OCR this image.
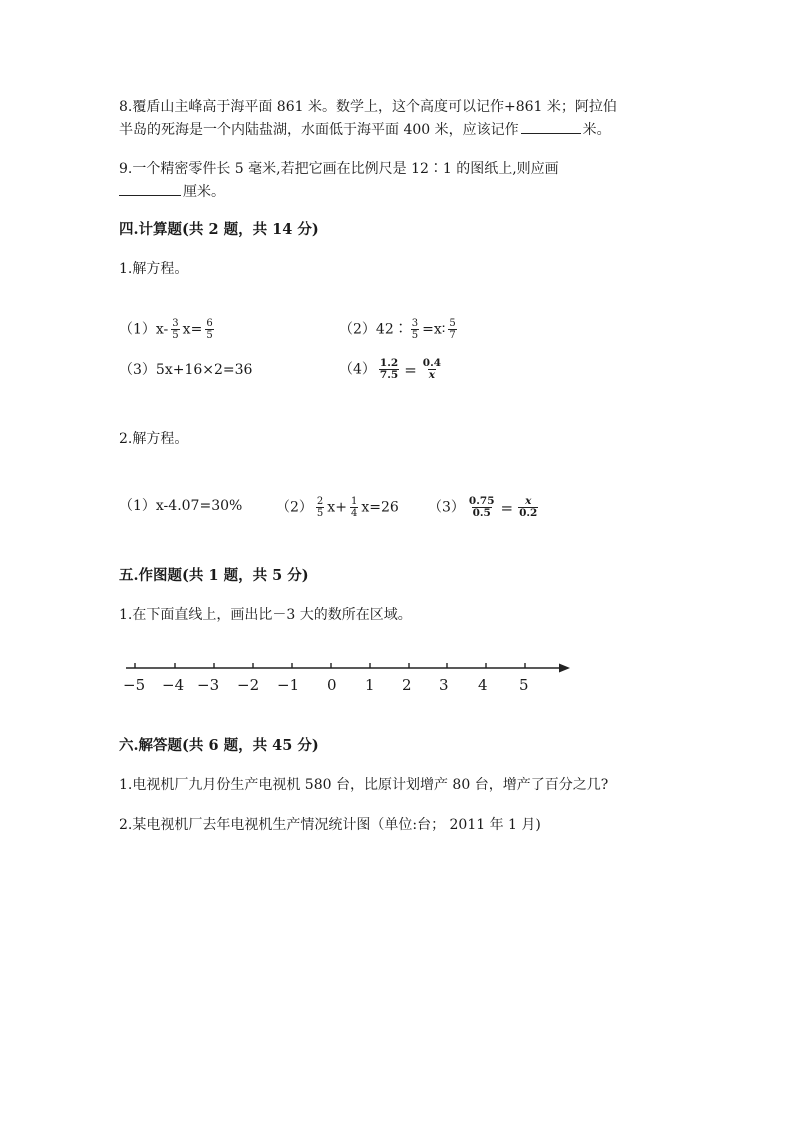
8.覆盾山主峰高于海平面 861 米。数学上，这个高度可以记作+861 米；阿拉伯
半岛的死海是一个内陆盐湖，水面低于海平面 400 米，应该记作	米。
9.一个精密零件长 5 毫米,若把它画在比例尺是 12∶1 的图纸上,则应画
厘米。
四.计算题(共 2 题，共 14 分)
1.解方程。
$(1)x- \frac{3}{5} x= \frac{6}{5}$	（2）42∶ $\frac{3}{5}$ =x∶ $\frac{5}{7}$
（3）5x+16×2=36	$(4) \frac{1.2}{7.5} = \frac{0.4}{x}$
2.解方程。
（1）x-4.07=30% $(2) \frac{2}{5} x+ \frac{1}{4} x=26$ $(3) \frac{0.75}{0.5} = \frac{x}{0.2}$
五.作图题(共 1 题，共 5 分)
1.在下面直线上，画出比－3 大的数所在区域。
−5 −4 −3 −2 −1 0 1 2 3 4 5
六.解答题(共 6 题，共 45 分)
1.电视机厂九月份生产电视机 580 台，比原计划增产 80 台，增产了百分之几?
2.某电视机厂去年电视机生产情况统计图（单位:台； 2011 年 1 月)
